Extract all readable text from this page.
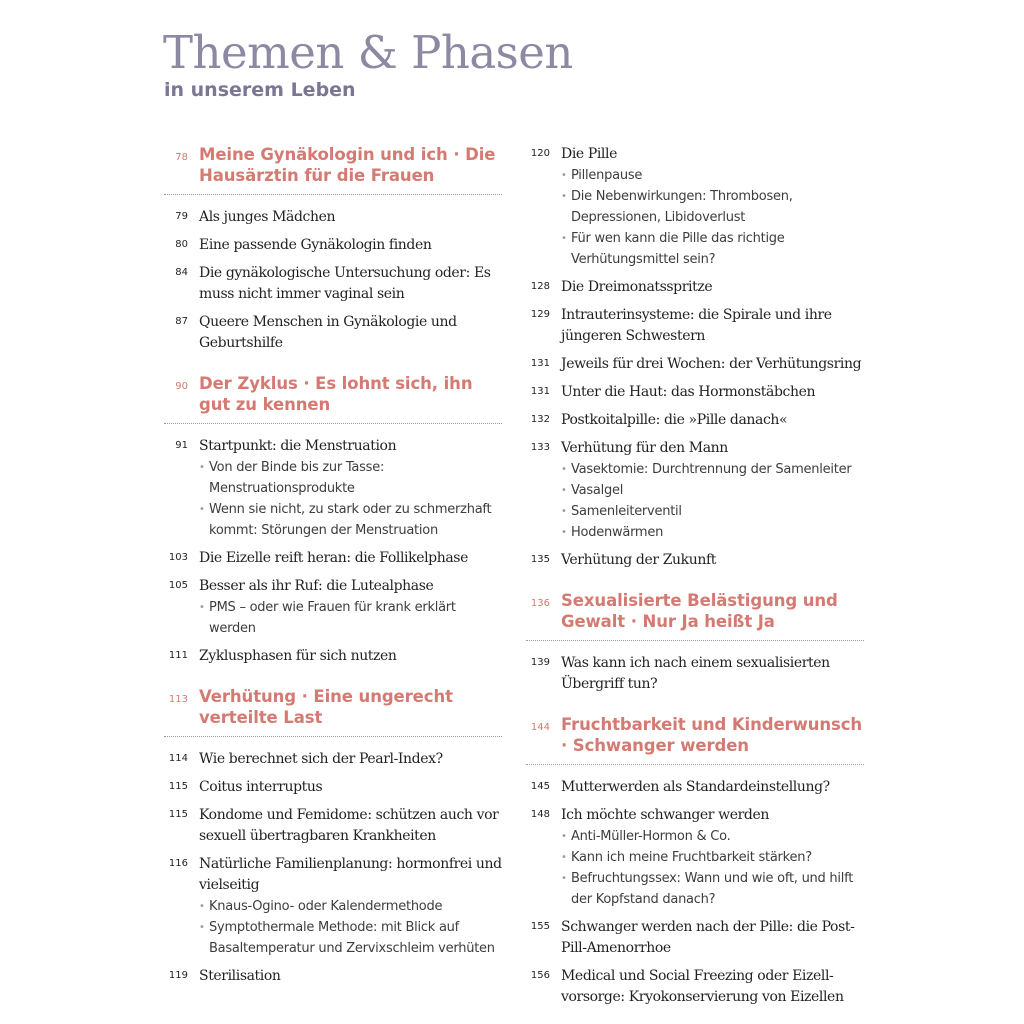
Themen & Phasen
in unserem Leben
78 Meine Gynäkologin und ich · Die Hausärztin für die Frauen
79 Als junges Mädchen
80 Eine passende Gynäkologin finden
84 Die gynäkologische Untersuchung oder: Es muss nicht immer vaginal sein
87 Queere Menschen in Gynäkologie und Geburtshilfe
90 Der Zyklus · Es lohnt sich, ihn gut zu kennen
91 Startpunkt: die Menstruation
• Von der Binde bis zur Tasse: Menstruationsprodukte
• Wenn sie nicht, zu stark oder zu schmerzhaft kommt: Störungen der Menstruation
103 Die Eizelle reift heran: die Follikelphase
105 Besser als ihr Ruf: die Lutealphase
• PMS – oder wie Frauen für krank erklärt werden
111 Zyklusphasen für sich nutzen
113 Verhütung · Eine ungerecht verteilte Last
114 Wie berechnet sich der Pearl-Index?
115 Coitus interruptus
115 Kondome und Femidome: schützen auch vor sexuell übertragbaren Krankheiten
116 Natürliche Familienplanung: hormonfrei und vielseitig
• Knaus-Ogino- oder Kalendermethode
• Symptothermale Methode: mit Blick auf Basaltemperatur und Zervixschleim verhüten
119 Sterilisation
120 Die Pille
• Pillenpause
• Die Nebenwirkungen: Thrombosen, Depressionen, Libidoverlust
• Für wen kann die Pille das richtige Verhütungsmittel sein?
128 Die Dreimonatsspritze
129 Intrauterinsysteme: die Spirale und ihre jüngeren Schwestern
131 Jeweils für drei Wochen: der Verhütungsring
131 Unter die Haut: das Hormonstäbchen
132 Postkoitalpille: die »Pille danach«
133 Verhütung für den Mann
• Vasektomie: Durchtrennung der Samenleiter
• Vasalgel
• Samenleiterventil
• Hodenwärmen
135 Verhütung der Zukunft
136 Sexualisierte Belästigung und Gewalt · Nur Ja heißt Ja
139 Was kann ich nach einem sexualisierten Übergriff tun?
144 Fruchtbarkeit und Kinderwunsch · Schwanger werden
145 Mutterwerden als Standardeinstellung?
148 Ich möchte schwanger werden
• Anti-Müller-Hormon & Co.
• Kann ich meine Fruchtbarkeit stärken?
• Befruchtungssex: Wann und wie oft, und hilft der Kopfstand danach?
155 Schwanger werden nach der Pille: die Post-Pill-Amenorrhoe
156 Medical und Social Freezing oder Eizell-vorsorge: Kryokonservierung von Eizellen
